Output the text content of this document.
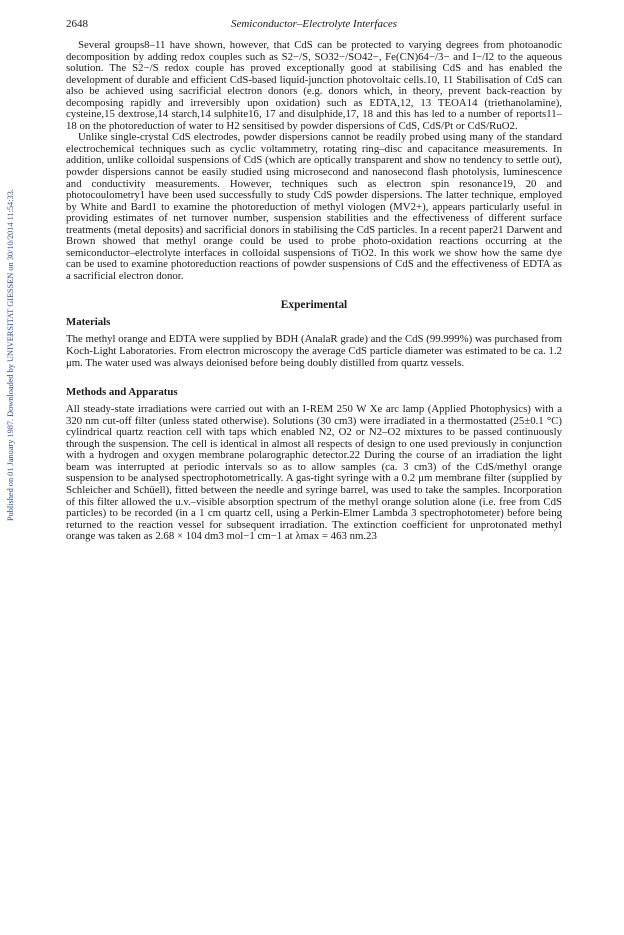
Published on 01 January 1987. Downloaded by UNIVERSITAT GIESSEN on 30/10/2014 11:54:33.
2648	Semiconductor–Electrolyte Interfaces

Several groups8–11 have shown, however, that CdS can be protected to varying degrees from photoanodic decomposition by adding redox couples such as S2−/S, SO32−/SO42−, Fe(CN)64−/3− and I−/I2 to the aqueous solution. The S2−/S redox couple has proved exceptionally good at stabilising CdS and has enabled the development of durable and efficient CdS-based liquid-junction photovoltaic cells.10, 11 Stabilisation of CdS can also be achieved using sacrificial electron donors (e.g. donors which, in theory, prevent back-reaction by decomposing rapidly and irreversibly upon oxidation) such as EDTA,12, 13 TEOA14 (triethanolamine), cysteine,15 dextrose,14 starch,14 sulphite16, 17 and disulphide,17, 18 and this has led to a number of reports11–18 on the photoreduction of water to H2 sensitised by powder dispersions of CdS, CdS/Pt or CdS/RuO2.

Unlike single-crystal CdS electrodes, powder dispersions cannot be readily probed using many of the standard electrochemical techniques such as cyclic voltammetry, rotating ring–disc and capacitance measurements. In addition, unlike colloidal suspensions of CdS (which are optically transparent and show no tendency to settle out), powder dispersions cannot be easily studied using microsecond and nanosecond flash photolysis, luminescence and conductivity measurements. However, techniques such as electron spin resonance19, 20 and photocoulometry1 have been used successfully to study CdS powder dispersions. The latter technique, employed by White and Bard1 to examine the photoreduction of methyl viologen (MV2+), appears particularly useful in providing estimates of net turnover number, suspension stabilities and the effectiveness of different surface treatments (metal deposits) and sacrificial donors in stabilising the CdS particles. In a recent paper21 Darwent and Brown showed that methyl orange could be used to probe photo-oxidation reactions occurring at the semiconductor–electrolyte interfaces in colloidal suspensions of TiO2. In this work we show how the same dye can be used to examine photoreduction reactions of powder suspensions of CdS and the effectiveness of EDTA as a sacrificial electron donor.

Experimental
Materials

The methyl orange and EDTA were supplied by BDH (AnalaR grade) and the CdS (99.999%) was purchased from Koch-Light Laboratories. From electron microscopy the average CdS particle diameter was estimated to be ca. 1.2 μm. The water used was always deionised before being doubly distilled from quartz vessels.

Methods and Apparatus

All steady-state irradiations were carried out with an I-REM 250 W Xe arc lamp (Applied Photophysics) with a 320 nm cut-off filter (unless stated otherwise). Solutions (30 cm3) were irradiated in a thermostatted (25±0.1 °C) cylindrical quartz reaction cell with taps which enabled N2, O2 or N2–O2 mixtures to be passed continuously through the suspension. The cell is identical in almost all respects of design to one used previously in conjunction with a hydrogen and oxygen membrane polarographic detector.22 During the course of an irradiation the light beam was interrupted at periodic intervals so as to allow samples (ca. 3 cm3) of the CdS/methyl orange suspension to be analysed spectrophotometrically. A gas-tight syringe with a 0.2 μm membrane filter (supplied by Schleicher and Schüell), fitted between the needle and syringe barrel, was used to take the samples. Incorporation of this filter allowed the u.v.–visible absorption spectrum of the methyl orange solution alone (i.e. free from CdS particles) to be recorded (in a 1 cm quartz cell, using a Perkin-Elmer Lambda 3 spectrophotometer) before being returned to the reaction vessel for subsequent irradiation. The extinction coefficient for unprotonated methyl orange was taken as 2.68 × 104 dm3 mol−1 cm−1 at λmax = 463 nm.23
